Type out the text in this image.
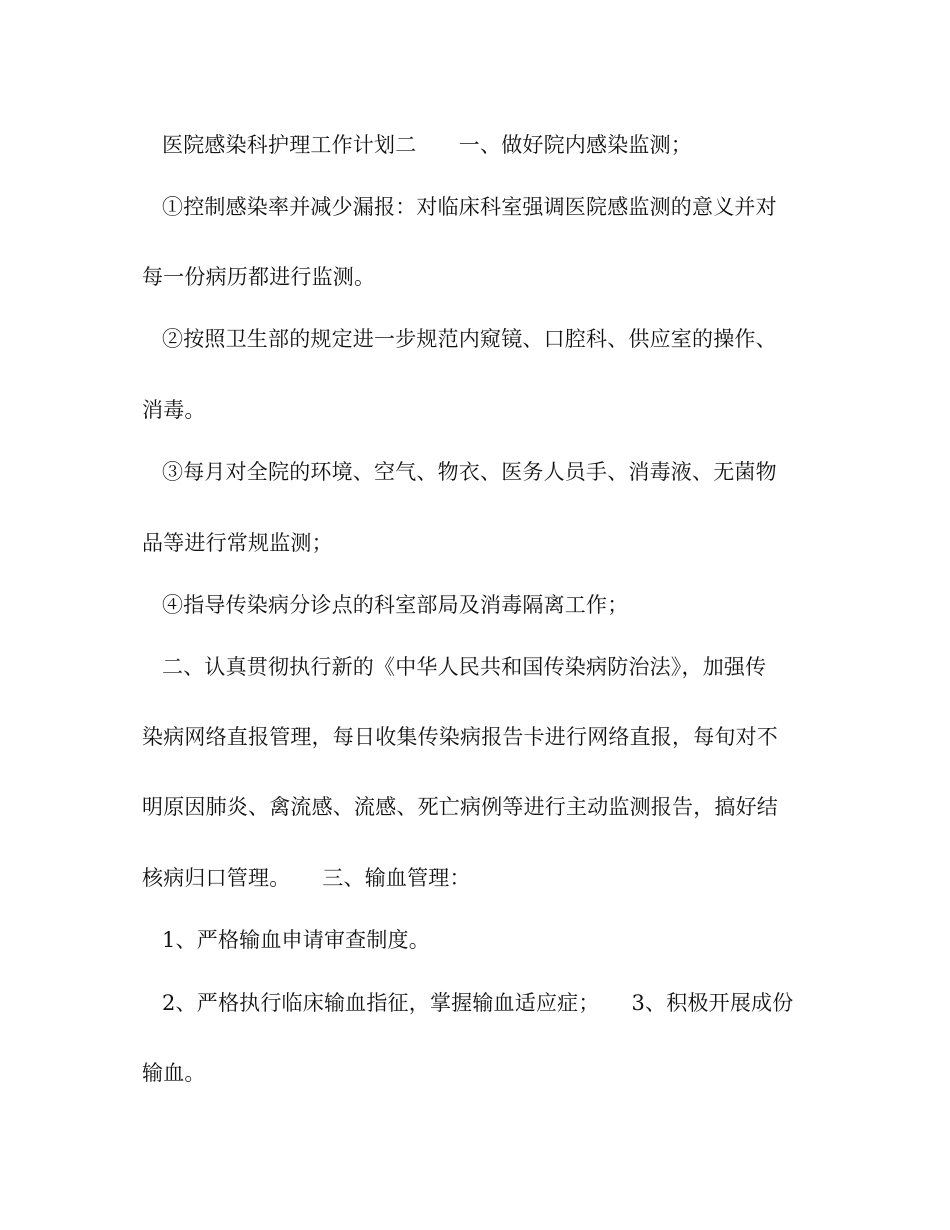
医院感染科护理工作计划二　　一、做好院内感染监测；
①控制感染率并减少漏报：对临床科室强调医院感监测的意义并对
每一份病历都进行监测。
②按照卫生部的规定进一步规范内窥镜、口腔科、供应室的操作、
消毒。
③每月对全院的环境、空气、物衣、医务人员手、消毒液、无菌物
品等进行常规监测；
④指导传染病分诊点的科室部局及消毒隔离工作；
二、认真贯彻执行新的《中华人民共和国传染病防治法》，加强传
染病网络直报管理，每日收集传染病报告卡进行网络直报，每旬对不
明原因肺炎、禽流感、流感、死亡病例等进行主动监测报告，搞好结
核病归口管理。　　三、输血管理：
1、严格输血申请审查制度。
2、严格执行临床输血指征，掌握输血适应症；　　3、积极开展成份
输血。
